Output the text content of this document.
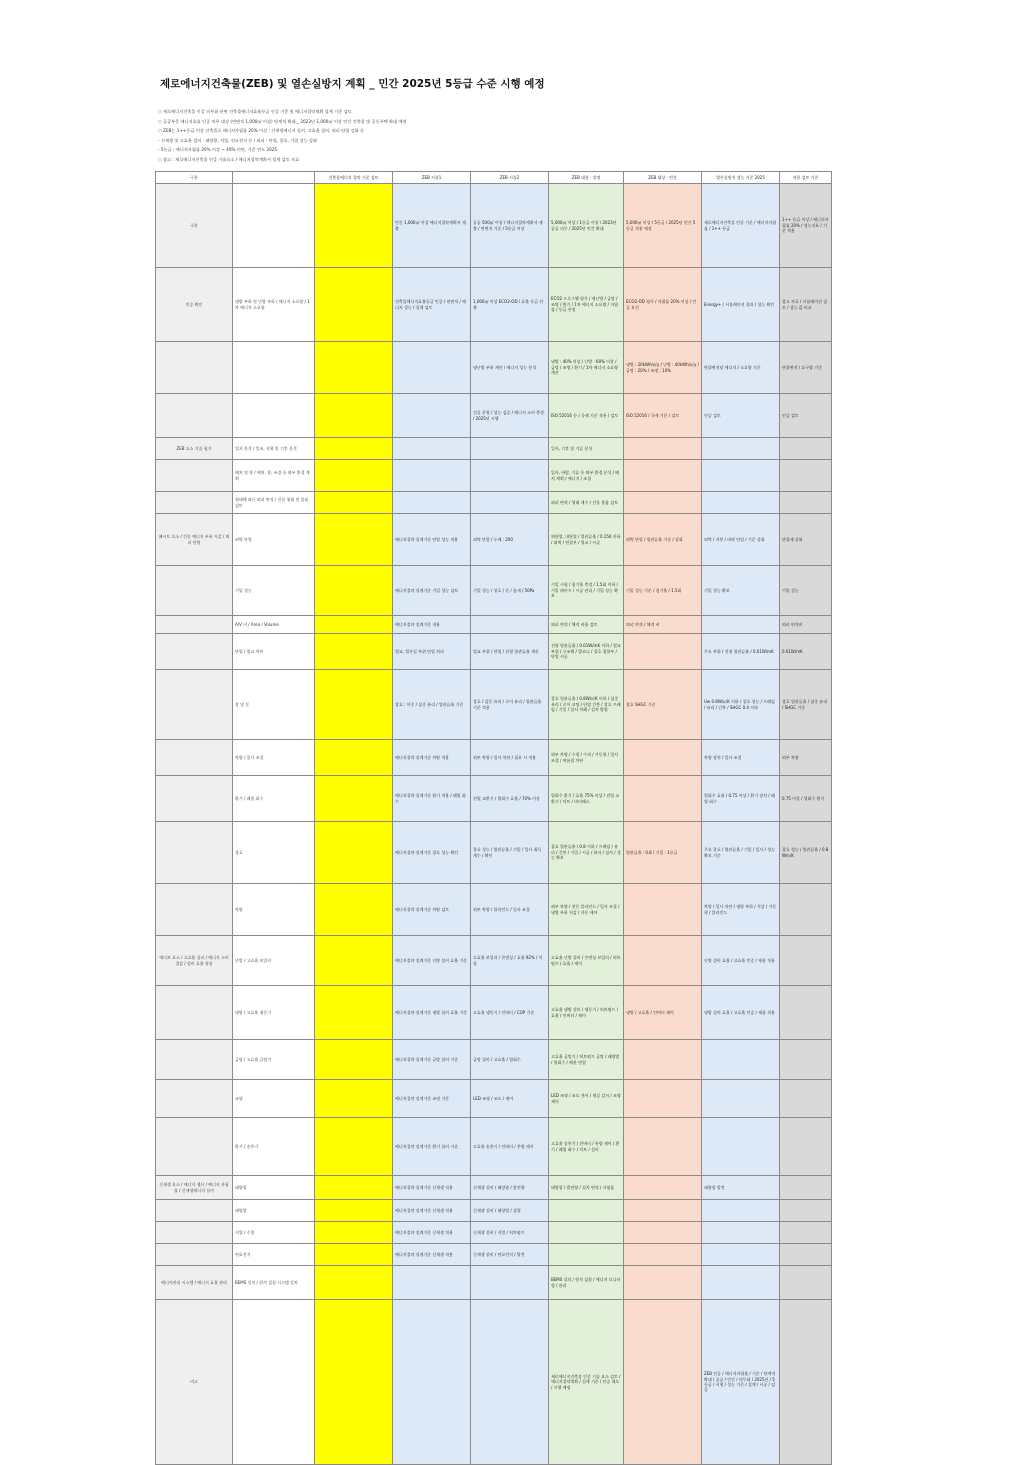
제로에너지건축물(ZEB) 및 열손실방지 계획 _ 민간 2025년 5등급 수준 시행 예정
○ 제로에너지건축물 인증 의무화 관련 건축물에너지효율등급 인증 기준 및 에너지절약계획 설계 기준 검토
○ 공공부문 에너지효율 인증 의무 대상 (연면적 1,000㎡ 이상) 단계적 확대 _ 2023년 1,000㎡ 이상 민간 건축물 및 공동주택 확대 예정
○ ZEB는 1++등급 이상 건축물로 에너지자립률 20% 이상 : 신재생에너지 설비, 고효율 설비, 외피 단열 강화 등
- 신재생 및 고효율 설비 : 태양광, 지열, 연료전지 등 / 외피 : 단열, 창호, 기밀 성능 강화
- 5등급 : 에너지자립률 20% 이상 ~ 40% 미만, 기준 연도 2025
○ 참고 : 제로에너지건축물 인증 기술요소 / 에너지절약계획서 설계 검토 자료
구분		건축물에너지 절약 기준 검토	ZEB 시뮬1	ZEB 시뮬2	ZEB 대상 · 설명	ZEB 대상 · 민간	열손실방지 성능 기준 2025	적용 검토 기준
구분			민간 1,000㎡ 이상 에너지절약계획서 제출	공공 500㎡ 이상 / 에너지절약계획서 제출 / 연면적 기준 / 5등급 이상	5,000㎡ 이상 / 1등급 이상 / 2023년 공공 의무 / 2025년 민간 확대	5,000㎡ 이상 / 5등급 / 2025년 민간 5등급 적용 예정	제로에너지건축물 인증 기준 / 에너지자립률 / 1++ 등급	1++ 등급 이상 / 에너지자립률 20% / 성능지표 / 기준 적용
인증 확인	냉방 부하 및 난방 부하 / 에너지 소요량 / 1차 에너지 소요량		건축물에너지효율등급 인증 / 연면적 / 에너지 성능 / 설계 검토	1,000㎡ 이상 ECO2-OD / 효율 등급 산출	ECO2 프로그램 평가 / 냉난방 / 급탕 / 조명 / 환기 / 1차 에너지 소요량 / 자립률 / 등급 산정	ECO2-OD 평가 / 자립률 20% 이상 / 인증 요건	Energy+ / 시뮬레이션 결과 / 성능 확인	참고 자료 / 시뮬레이션 검토 / 성능 값 비교
				냉난방 부하 계산 / 에너지 성능 분석	냉방 : 40% 이상 / 난방 : 60% 이상 / 급탕 / 조명 / 환기 / 1차 에너지 소요량 계산	냉방 : 20kWh/㎡y / 난방 : 40kWh/㎡y / 급탕 : 20% / 조명 : 10%	단위면적당 에너지 / 소요량 기준	단위면적 / 요구량 기준
				건물 운영 / 성능 검증 / 에너지 소비 측정 / 2025년 시행	ISO 52016 등 / 국제 기준 적용 / 검토	ISO 52016 / 국제 기준 / 검토	인증 검토	인증 검토
ZEB 요소 기술 평가	입지 분석 / 일조, 지형 및 기후 분석				일사, 기후 및 기류 분석			
	배치 및 향 / 배치, 향, 조경 등 외부 환경 계획				일사, 바람, 기류 등 외부 환경 분석 / 배치 계획 / 에너지 / 조경			
	형태에 따른 외피 면적 / 건물 형태 및 볼륨 검토				외피 면적 / 형태 계수 / 건물 볼륨 검토			
패시브 요소 / 건물 에너지 부하 저감 / 외피 단열	외벽 단열		에너지절약 설계기준 단열 성능 적용	외벽 단열 / 두께 : 200	외단열, 내단열 / 열관류율 / 0.150 이하 / 외벽 / 연결부 / 열교 / 시공	외벽 단열 / 열관류율 기준 / 강화	외벽 / 지붕 / 바닥 단열 / 기준 강화	단열재 강화
	기밀 성능		에너지절약 설계기준 기밀 성능 검토	기밀 성능 / 창호 / 문 / 틈새 / 50Pa	기밀 시험 / 침기율 측정 / 1.5회 이하 / 기밀 테이프 / 시공 관리 / 기밀 성능 확보	기밀 성능 기준 / 침기율 / 1.5회	기밀 성능 확보	기밀 성능
	A/V 비 / Area / Volume		에너지절약 설계기준 적용		외피 면적 / 체적 비율 검토	외피 면적 / 체적 비		외피 면적비
	단열 / 열교 차단		열교, 열손실 부위 단열 처리	열교 부위 / 단열 / 선형 열관류율 계산	선형 열관류율 / 0.01W/mK 이하 / 열교 부위 / 구조체 / 발코니 / 창호 접합부 / 단열 시공		주요 부위 / 선형 열관류율 / 0.01W/mK	0.01W/mK
	창 및 문		창호 : 이중 / 삼중 유리 / 열관류율 기준	창호 / 삼중 유리 / 로이 유리 / 열관류율 기준 적용	창호 열관류율 / 0.8W/㎡K 이하 / 삼중 유리 / 로이 코팅 / 단열 간봉 / 창호 프레임 / 기밀 / 일사 차폐 / 설치 방법	창호 SHGC 기준	Uw 0.8W/㎡K 이하 / 창호 성능 / 프레임 / 유리 / 간봉 / SHGC 0.4 이하	창호 열관류율 / 삼중 유리 / SHGC 기준
	차양 / 일사 조절		에너지절약 설계기준 차양 적용	외부 차양 / 일사 차단 / 필요 시 적용	외부 차양 / 수평 / 수직 / 가동형 / 일사 조절 / 여름철 차단		차양 장치 / 일사 조절	외부 차양
	환기 / 폐열 회수		에너지절약 설계기준 환기 적용 / 폐열 회수	전열 교환기 / 열회수 효율 / 70% 이상	열회수 환기 / 효율 75% 이상 / 전열 교환기 / 덕트 / 바이패스		열회수 효율 / 0.75 이상 / 환기 장치 / 폐열 회수	0.75 이상 / 열회수 환기
	창호		에너지절약 설계기준 창호 성능 확인	창호 성능 / 열관류율 / 기밀 / 일사 취득 계수 / 확인	창호 열관류율 / 0.8 이하 / 프레임 / 유리 / 간봉 / 기밀 / 시공 / 하자 / 검사 / 성능 확보	열관류율 : 0.8 / 기밀 : 1등급	주요 창호 / 열관류율 / 기밀 / 일사 / 성능 확보 기준	창호 성능 / 열관류율 / 0.8W/㎡K
	차양		에너지절약 설계기준 차양 검토	외부 차양 / 블라인드 / 일사 조절	외부 차양 / 전동 블라인드 / 일사 조절 / 냉방 부하 저감 / 자동 제어		차양 / 일사 차단 / 냉방 부하 / 저감 / 가동형 / 블라인드	
액티브 요소 / 고효율 설비 / 에너지 소비 절감 / 설비 효율 향상	난방 / 고효율 보일러		에너지절약 설계기준 난방 설비 효율 기준	고효율 보일러 / 콘덴싱 / 효율 92% / 이상	고효율 난방 설비 / 콘덴싱 보일러 / 히트펌프 / 효율 / 제어		난방 설비 효율 / 고효율 인증 / 제품 적용	
	냉방 / 고효율 냉동기		에너지절약 설계기준 냉방 설비 효율 기준	고효율 냉동기 / 인버터 / COP 기준	고효율 냉방 설비 / 냉동기 / 히트펌프 / 효율 / 인버터 / 제어	냉방 / 고효율 / 인버터 제어	냉방 설비 효율 / 고효율 인증 / 제품 적용	
	급탕 / 고효율 급탕기		에너지절약 설계기준 급탕 설비 기준	급탕 설비 / 고효율 / 열회수	고효율 급탕기 / 히트펌프 급탕 / 태양열 / 열회수 / 배관 단열			
	조명		에너지절약 설계기준 조명 기준	LED 조명 / 조도 / 제어	LED 조명 / 조도 센서 / 재실 감지 / 조명 제어			
	환기 / 송풍기		에너지절약 설계기준 환기 설비 기준	고효율 송풍기 / 인버터 / 풍량 제어	고효율 송풍기 / 인버터 / 풍량 제어 / 환기 / 폐열 회수 / 덕트 / 설비			
신재생 요소 / 에너지 생산 / 에너지 자립률 / 신재생에너지 설비	태양광		에너지절약 설계기준 신재생 적용	신재생 설비 / 태양광 / 발전량	태양광 / 발전량 / 설치 면적 / 자립률		태양광 발전	
	태양열		에너지절약 설계기준 신재생 적용	신재생 설비 / 태양열 / 집열				
	지열 / 수열		에너지절약 설계기준 신재생 적용	신재생 설비 / 지열 / 히트펌프				
	연료전지		에너지절약 설계기준 신재생 적용	신재생 설비 / 연료전지 / 발전				
에너지관리 시스템 / 에너지 효율 관리	BEMS 설치 / 원격 검침 시스템 설치				BEMS 설치 / 원격 검침 / 에너지 모니터링 / 관리			
비고					제로에너지건축물 인증 기술 요소 검토 / 에너지절약계획 / 설계 기준 / 인증 제도 / 시행 예정		ZEB 인증 / 에너지자립률 / 기준 / 단계적 확대 / 공공 / 민간 / 의무화 / 2025년 / 5등급 / 시행 / 성능 기준 / 설계 / 시공 / 검증	
